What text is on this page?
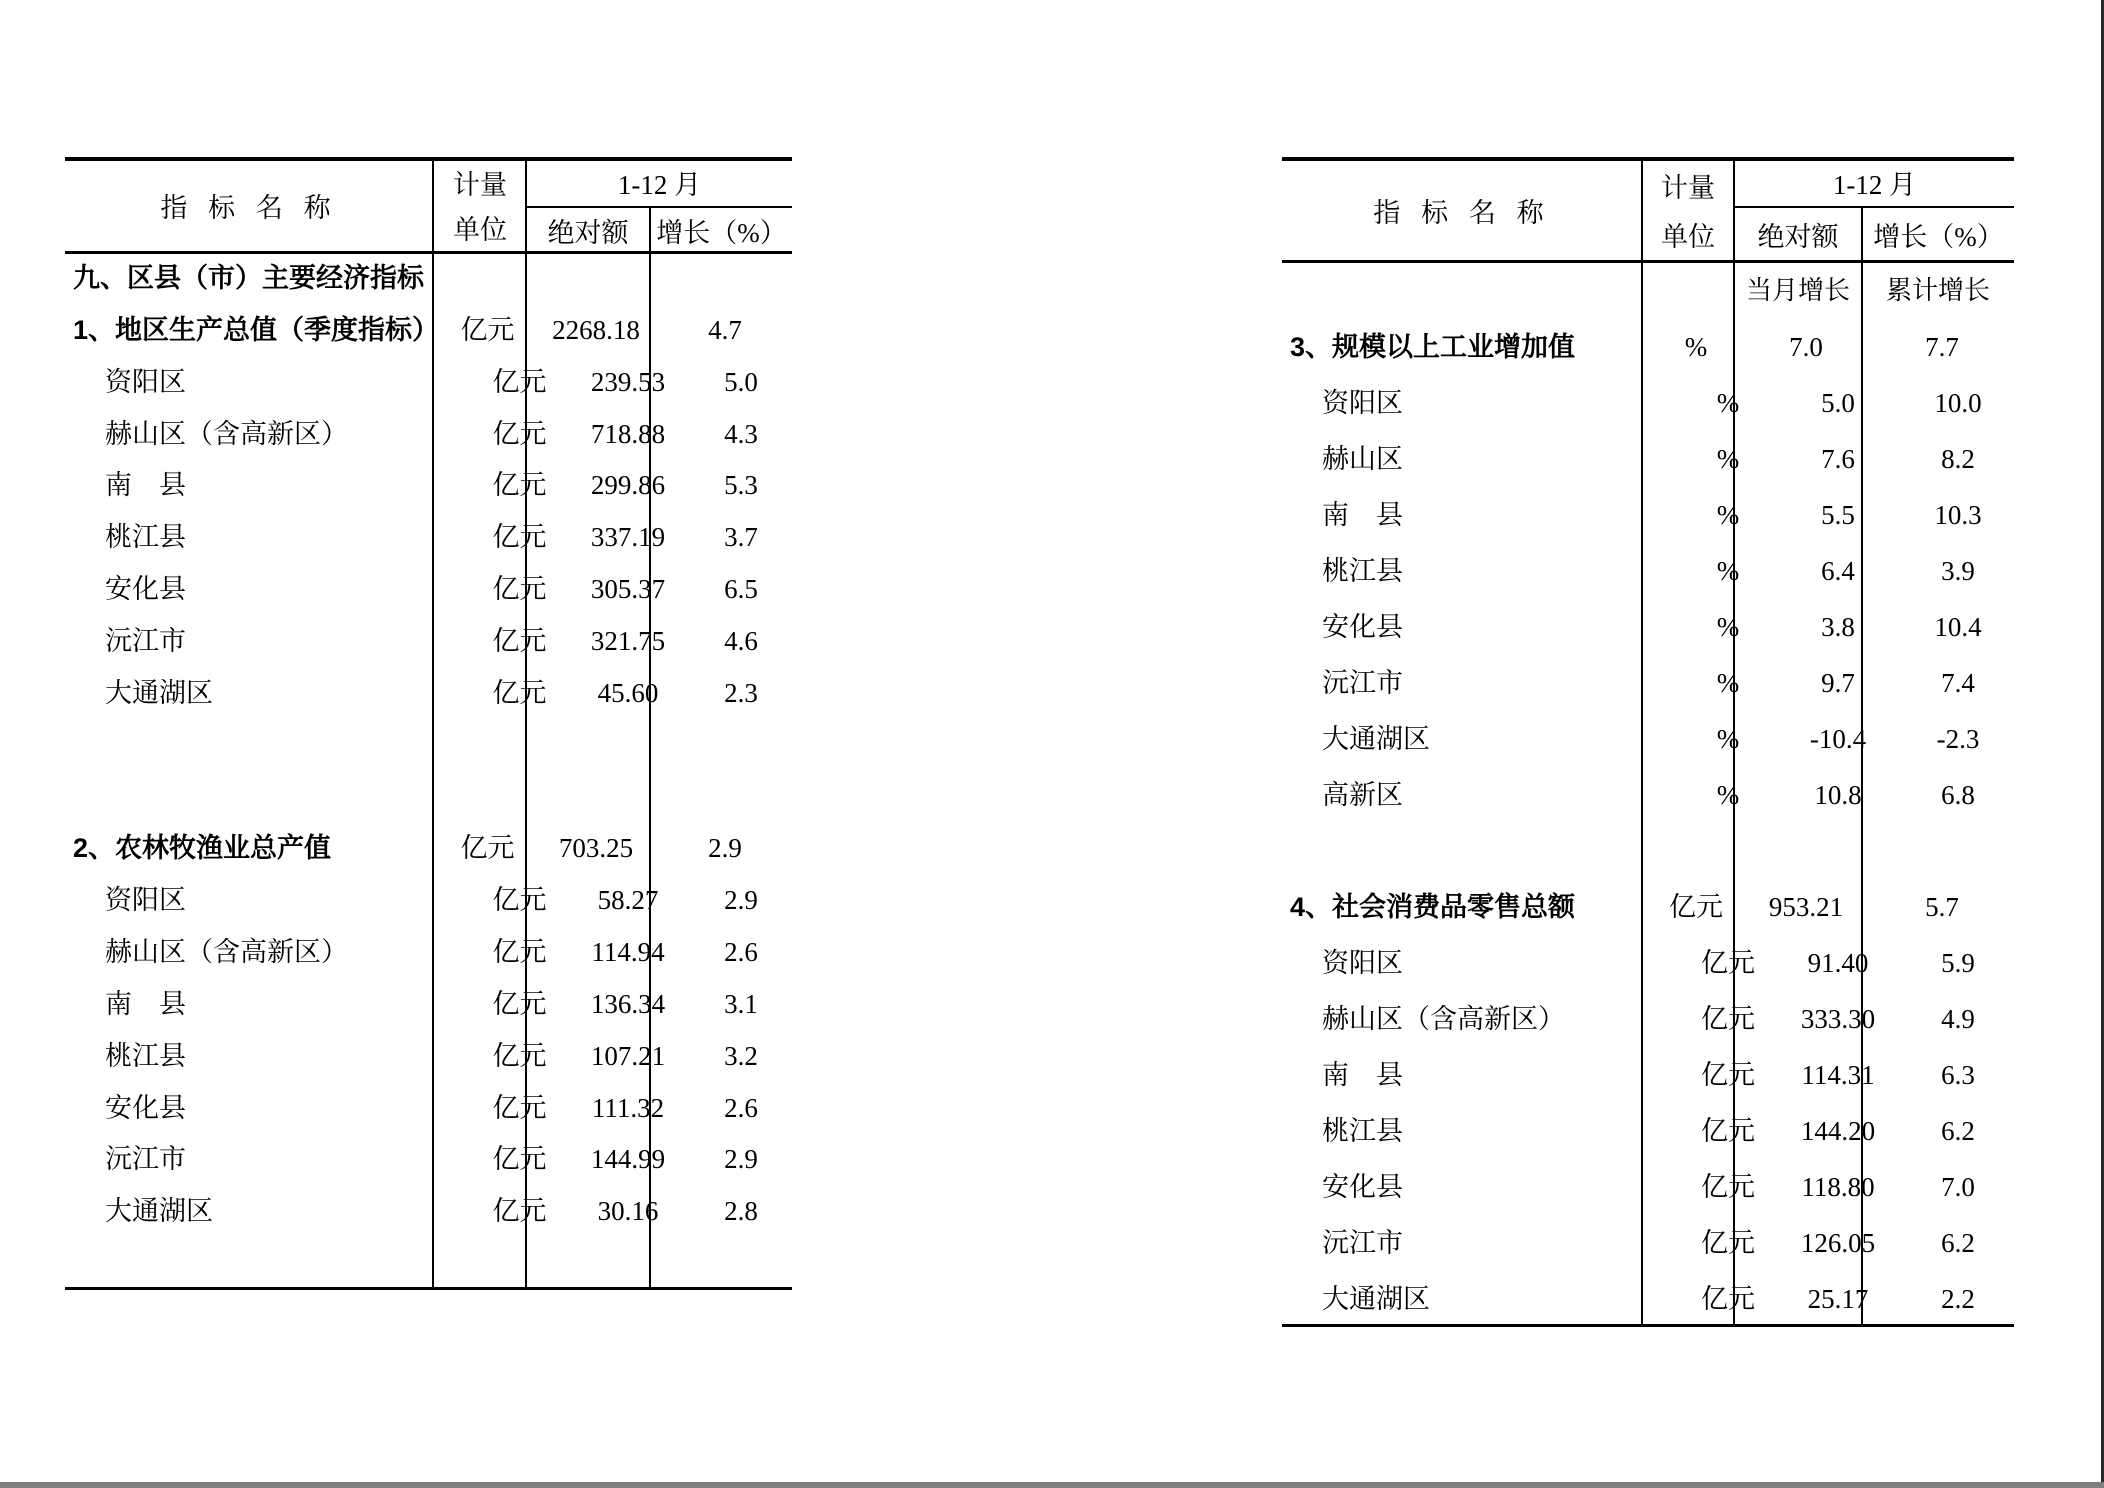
指 标 名 称
计量
单位
1-12 月
绝对额	增长（%）
九、区县（市）主要经济指标
1、地区生产总值（季度指标） 亿元	2268.18	4.7
资阳区	亿元	239.53	5.0
赫山区（含高新区）	亿元	718.88	4.3
南　县	亿元	299.86	5.3
桃江县	亿元	337.19	3.7
安化县	亿元	305.37	6.5
沅江市	亿元	321.75	4.6
大通湖区	亿元	45.60	2.3
2、农林牧渔业总产值	亿元	703.25	2.9
资阳区	亿元	58.27	2.9
赫山区（含高新区）	亿元	114.94	2.6
南　县	亿元	136.34	3.1
桃江县	亿元	107.21	3.2
安化县	亿元	111.32	2.6
沅江市	亿元	144.99	2.9
大通湖区	亿元	30.16	2.8
指 标 名 称
计量
单位
1-12 月
绝对额	增长（%）
当月增长	累计增长
3、规模以上工业增加值	%	7.0	7.7
资阳区	%	5.0	10.0
赫山区	%	7.6	8.2
南　县	%	5.5	10.3
桃江县	%	6.4	3.9
安化县	%	3.8	10.4
沅江市	%	9.7	7.4
大通湖区	%	-10.4	-2.3
高新区	%	10.8	6.8
4、社会消费品零售总额	亿元	953.21	5.7
资阳区	亿元	91.40	5.9
赫山区（含高新区）	亿元	333.30	4.9
南　县	亿元	114.31	6.3
桃江县	亿元	144.20	6.2
安化县	亿元	118.80	7.0
沅江市	亿元	126.05	6.2
大通湖区	亿元	25.17	2.2
